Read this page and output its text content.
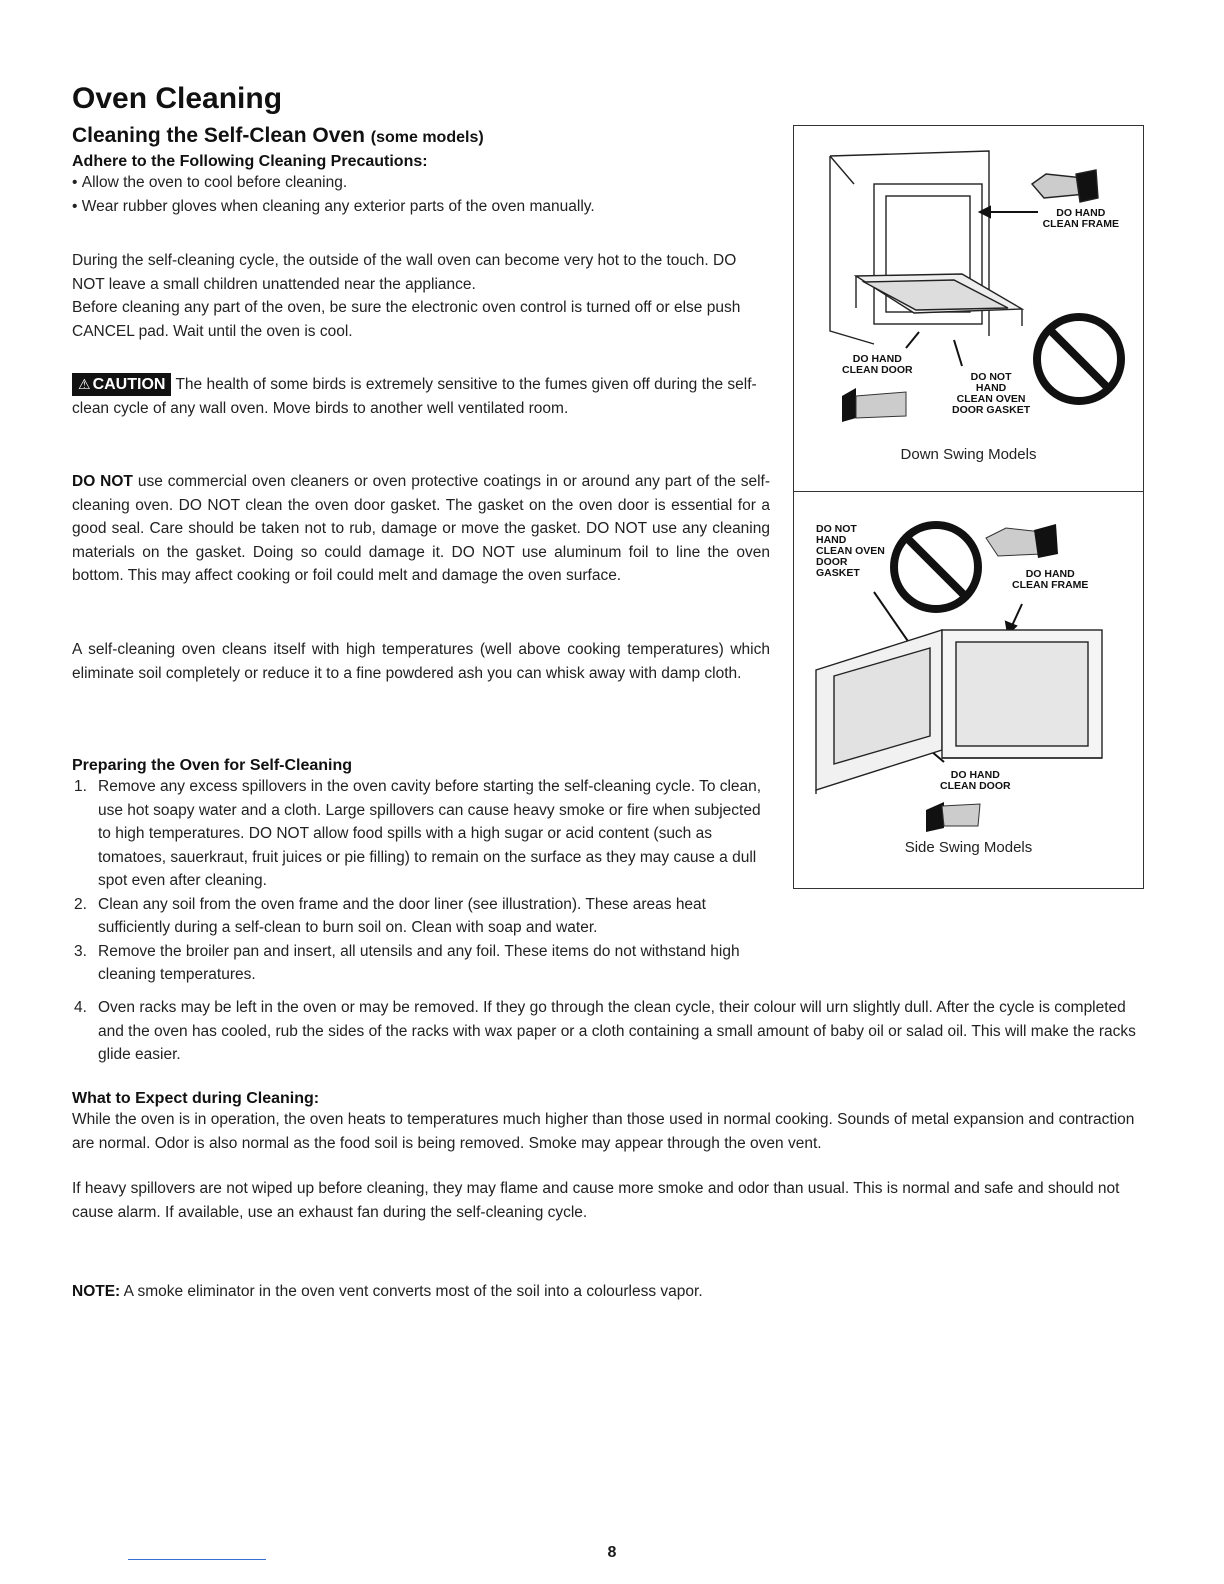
Oven Cleaning
Cleaning the Self-Clean Oven (some models)
Adhere to the Following Cleaning Precautions:
• Allow the oven to cool before cleaning.
• Wear rubber gloves when cleaning any exterior parts of the oven manually.
During the self-cleaning cycle, the outside of the wall oven can become very hot to the touch. DO NOT leave a small children unattended near the appliance.
Before cleaning any part of the oven, be sure the electronic oven control is turned off or else push CANCEL pad. Wait until the oven is cool.
⚠ CAUTION The health of some birds is extremely sensitive to the fumes given off during the self-clean cycle of any wall oven. Move birds to another well ventilated room.
DO NOT use commercial oven cleaners or oven protective coatings in or around any part of the self-cleaning oven. DO NOT clean the oven door gasket. The gasket on the oven door is essential for a good seal. Care should be taken not to rub, damage or move the gasket. DO NOT use any cleaning materials on the gasket. Doing so could damage it. DO NOT use aluminum foil to line the oven bottom. This may affect cooking or foil could melt and damage the oven surface.
A self-cleaning oven cleans itself with high temperatures (well above cooking temperatures) which eliminate soil completely or reduce it to a fine powdered ash you can whisk away with damp cloth.
Preparing the Oven for Self-Cleaning
1. Remove any excess spillovers in the oven cavity before starting the self-cleaning cycle. To clean, use hot soapy water and a cloth. Large spillovers can cause heavy smoke or fire when subjected to high temperatures. DO NOT allow food spills with a high sugar or acid content (such as tomatoes, sauerkraut, fruit juices or pie filling) to remain on the surface as they may cause a dull spot even after cleaning.
2. Clean any soil from the oven frame and the door liner (see illustration). These areas heat sufficiently during a self-clean to burn soil on. Clean with soap and water.
3. Remove the broiler pan and insert, all utensils and any foil. These items do not withstand high cleaning temperatures.
4. Oven racks may be left in the oven or may be removed. If they go through the clean cycle, their colour will urn slightly dull. After the cycle is completed and the oven has cooled, rub the sides of the racks with wax paper or a cloth containing a small amount of baby oil or salad oil. This will make the racks glide easier.
What to Expect during Cleaning:
While the oven is in operation, the oven heats to temperatures much higher than those used in normal cooking. Sounds of metal expansion and contraction are normal. Odor is also normal as the food soil is being removed. Smoke may appear through the oven vent.
If heavy spillovers are not wiped up before cleaning, they may flame and cause more smoke and odor than usual. This is normal and safe and should not cause alarm. If available, use an exhaust fan during the self-cleaning cycle.
NOTE: A smoke eliminator in the oven vent converts most of the soil into a colourless vapor.
DO HAND
CLEAN FRAME
DO HAND
CLEAN DOOR
DO NOT
HAND
CLEAN OVEN
DOOR GASKET
Down Swing Models
DO NOT
HAND
CLEAN OVEN
DOOR
GASKET	DO HAND
CLEAN FRAME
DO HAND
CLEAN DOOR
Side Swing Models
8
